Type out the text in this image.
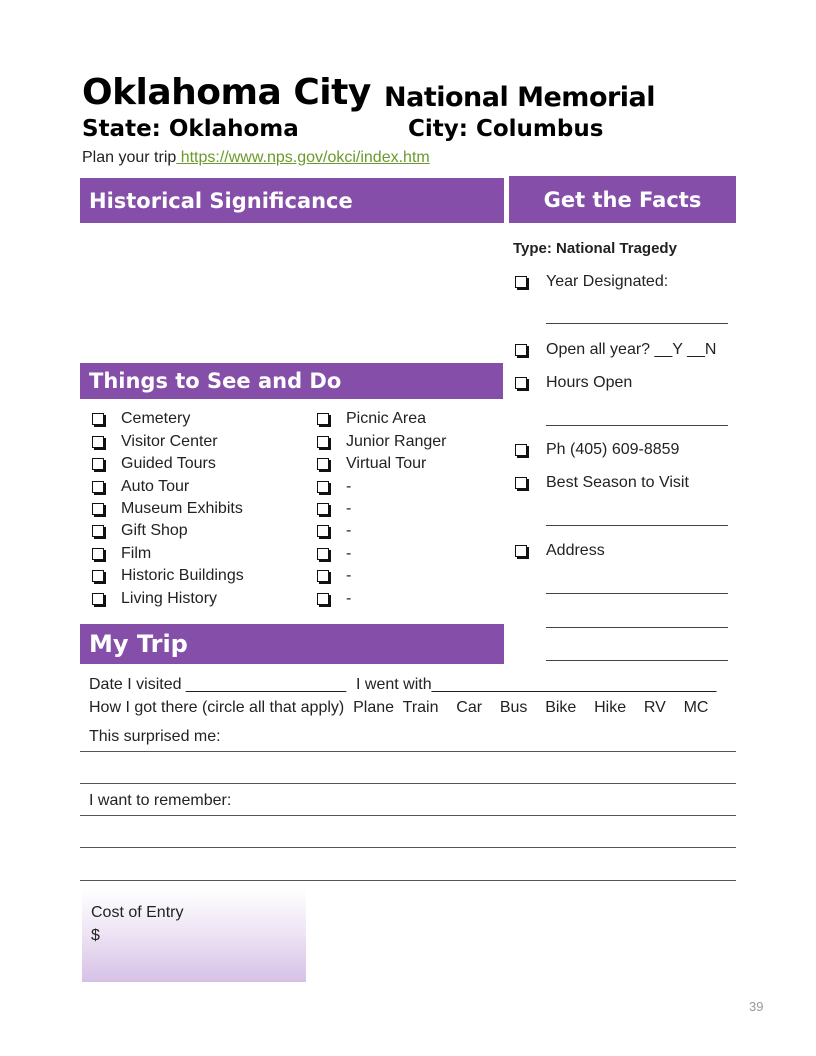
Oklahoma City National Memorial
State: Oklahoma	City: Columbus
Plan your trip https://www.nps.gov/okci/index.htm
Historical Significance	Get the Facts
Things to See and Do
My Trip
Type: National Tragedy
Year Designated:
Open all year? __Y __N
Hours Open
Ph (405) 609-8859
Best Season to Visit
Address
Cemetery
Visitor Center
Guided Tours
Auto Tour
Museum Exhibits
Gift Shop
Film
Historic Buildings
Living History
Picnic Area
Junior Ranger
Virtual Tour
-
-
-
-
-
-
Date I visited __________________ I went with________________________________
How I got there (circle all that apply)  Plane  Train    Car    Bus    Bike    Hike    RV    MC
This surprised me:
I want to remember:
Cost of Entry
$
39
